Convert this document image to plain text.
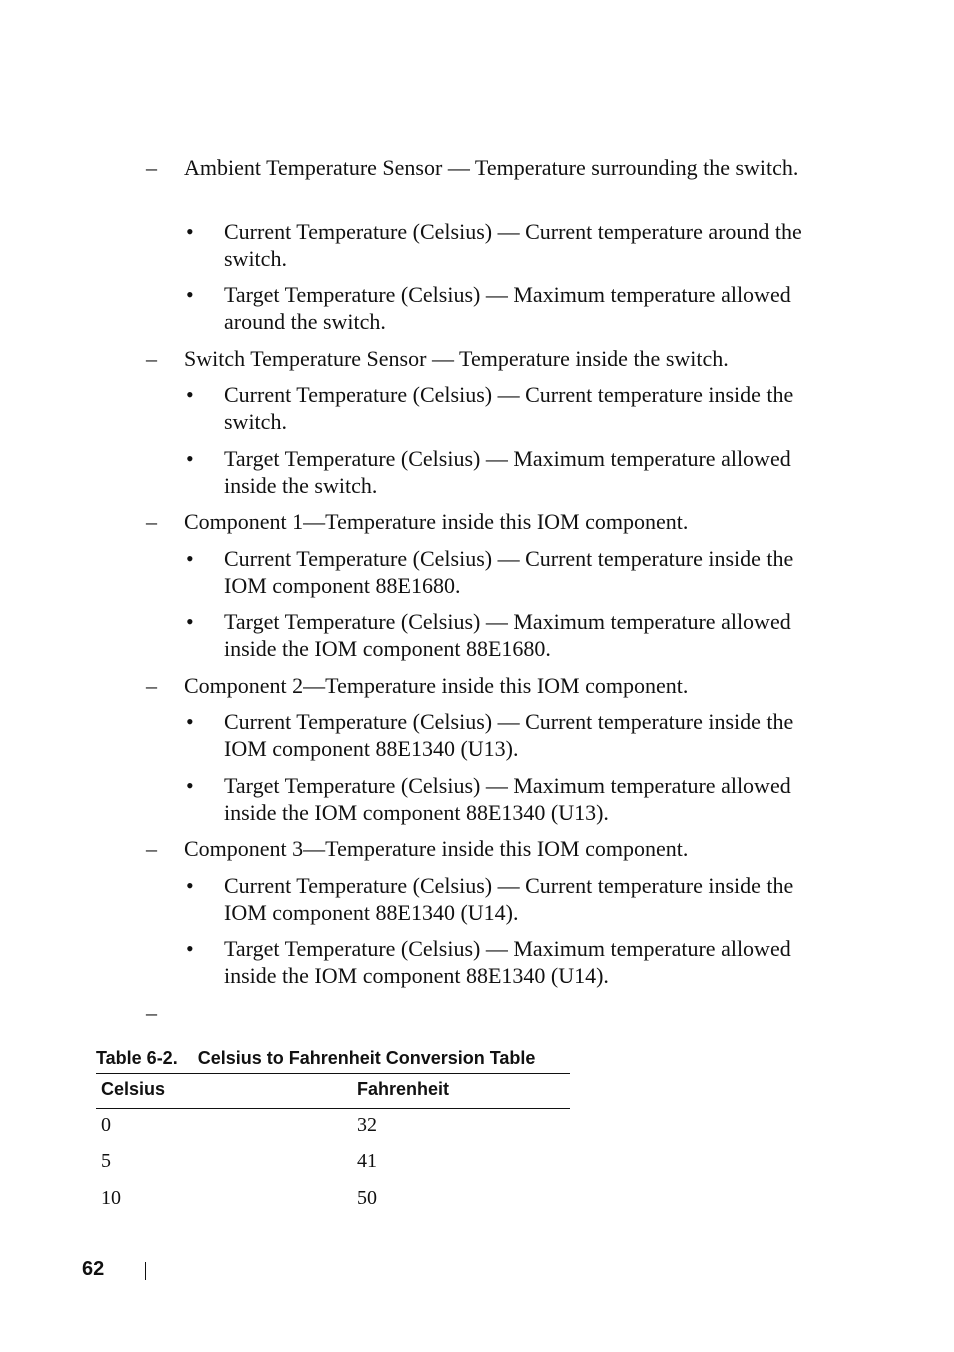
– Ambient Temperature Sensor — Temperature surrounding the switch.
• Current Temperature (Celsius) — Current temperature around the switch.
• Target Temperature (Celsius) — Maximum temperature allowed around the switch.
– Switch Temperature Sensor — Temperature inside the switch.
• Current Temperature (Celsius) — Current temperature inside the switch.
• Target Temperature (Celsius) — Maximum temperature allowed inside the switch.
– Component 1—Temperature inside this IOM component.
• Current Temperature (Celsius) — Current temperature inside the IOM component 88E1680.
• Target Temperature (Celsius) — Maximum temperature allowed inside the IOM component 88E1680.
– Component 2—Temperature inside this IOM component.
• Current Temperature (Celsius) — Current temperature inside the IOM component 88E1340 (U13).
• Target Temperature (Celsius) — Maximum temperature allowed inside the IOM component 88E1340 (U13).
– Component 3—Temperature inside this IOM component.
• Current Temperature (Celsius) — Current temperature inside the IOM component 88E1340 (U14).
• Target Temperature (Celsius) — Maximum temperature allowed inside the IOM component 88E1340 (U14).
–
Table 6-2. Celsius to Fahrenheit Conversion Table
Celsius	Fahrenheit
0	32
5	41
10	50
62
